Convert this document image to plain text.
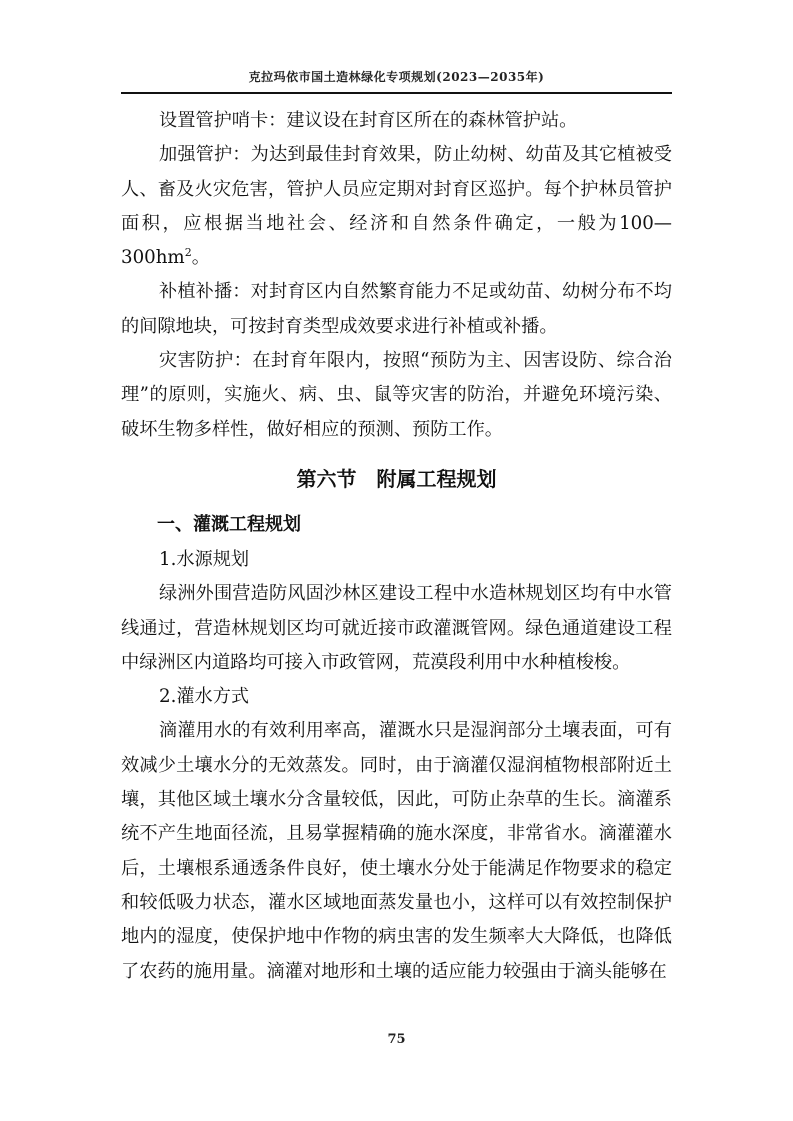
克拉玛依市国土造林绿化专项规划(2023—2035年)

设置管护哨卡：建议设在封育区所在的森林管护站。

加强管护：为达到最佳封育效果，防止幼树、幼苗及其它植被受人、畜及火灾危害，管护人员应定期对封育区巡护。每个护林员管护面积，应根据当地社会、经济和自然条件确定，一般为$100—300hm^2$。

补植补播：对封育区内自然繁育能力不足或幼苗、幼树分布不均的间隙地块，可按封育类型成效要求进行补植或补播。

灾害防护：在封育年限内，按照“预防为主、因害设防、综合治理”的原则，实施火、病、虫、鼠等灾害的防治，并避免环境污染、破坏生物多样性，做好相应的预测、预防工作。

第六节　附属工程规划
一、灌溉工程规划

1.水源规划

绿洲外围营造防风固沙林区建设工程中水造林规划区均有中水管线通过，营造林规划区均可就近接市政灌溉管网。绿色通道建设工程中绿洲区内道路均可接入市政管网，荒漠段利用中水种植梭梭。

2.灌水方式

滴灌用水的有效利用率高，灌溉水只是湿润部分土壤表面，可有效减少土壤水分的无效蒸发。同时，由于滴灌仅湿润植物根部附近土壤，其他区域土壤水分含量较低，因此，可防止杂草的生长。滴灌系统不产生地面径流，且易掌握精确的施水深度，非常省水。滴灌灌水后，土壤根系通透条件良好，使土壤水分处于能满足作物要求的稳定和较低吸力状态，灌水区域地面蒸发量也小，这样可以有效控制保护地内的湿度，使保护地中作物的病虫害的发生频率大大降低，也降低了农药的施用量。滴灌对地形和土壤的适应能力较强由于滴头能够在

75
